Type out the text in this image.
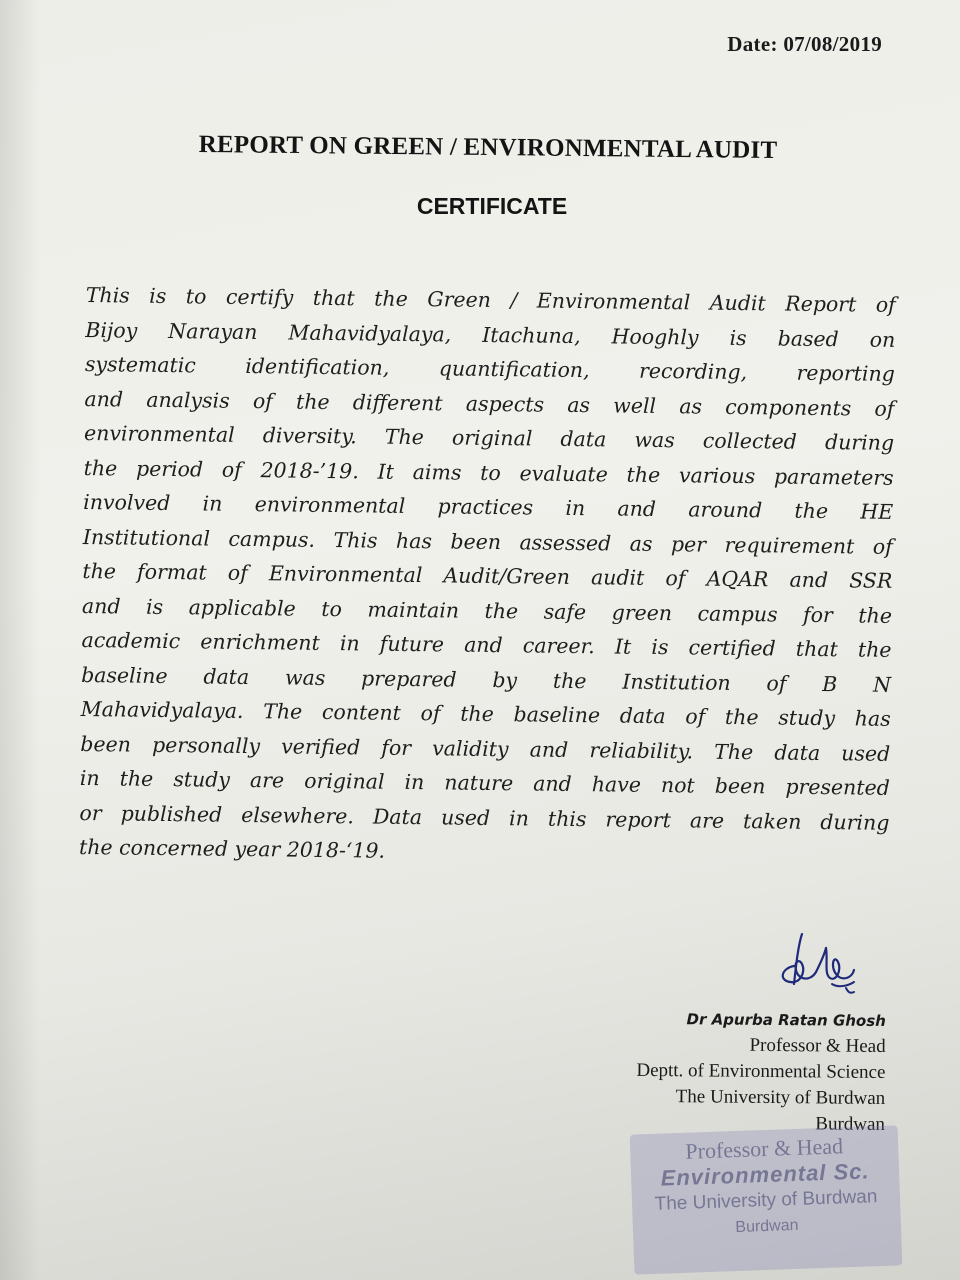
Date: 07/08/2019
REPORT ON GREEN / ENVIRONMENTAL AUDIT
CERTIFICATE
This is to certify that the Green / Environmental Audit Report of
Bijoy Narayan Mahavidyalaya, Itachuna, Hooghly is based on
systematic identification, quantification, recording, reporting
and analysis of the different aspects as well as components of
environmental diversity. The original data was collected during
the period of 2018-’19. It aims to evaluate the various parameters
involved in environmental practices in and around the HE
Institutional campus. This has been assessed as per requirement of
the format of Environmental Audit/Green audit of AQAR and SSR
and is applicable to maintain the safe green campus for the
academic enrichment in future and career. It is certified that the
baseline data was prepared by the Institution of B N
Mahavidyalaya. The content of the baseline data of the study has
been personally verified for validity and reliability. The data used
in the study are original in nature and have not been presented
or published elsewhere. Data used in this report are taken during
the concerned year 2018-‘19.
Dr Apurba Ratan Ghosh
Professor & Head
Deptt. of Environmental Science
The University of Burdwan
Burdwan
Professor & Head
Environmental Sc.
The University of Burdwan
Burdwan
